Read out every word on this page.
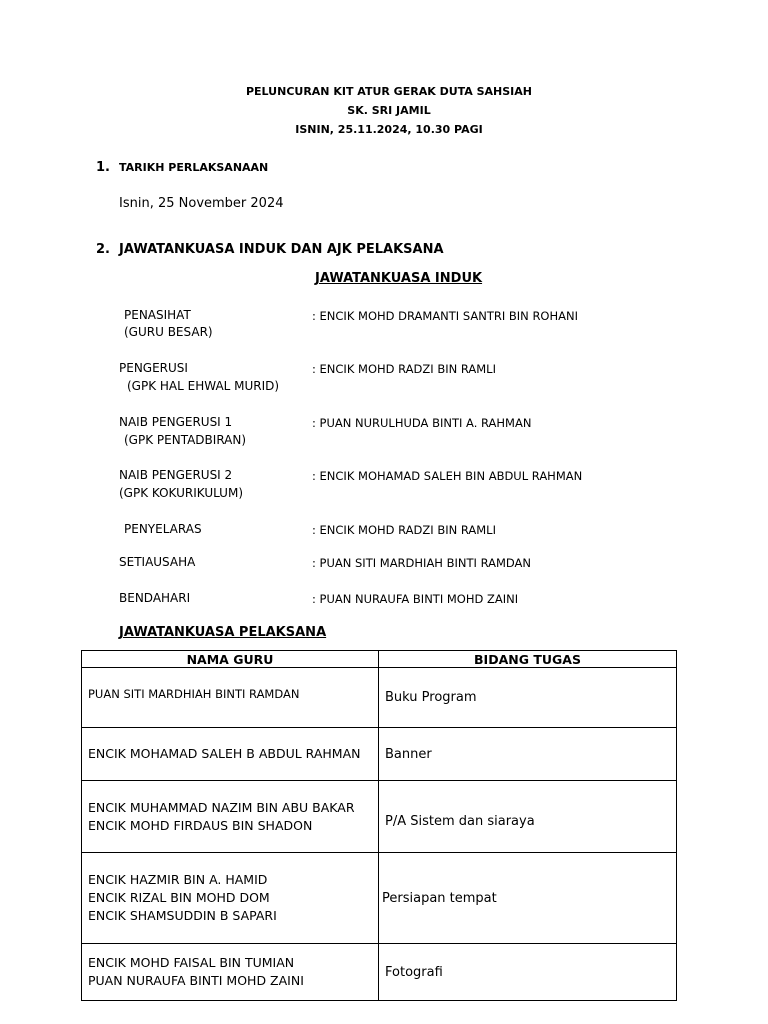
PELUNCURAN KIT ATUR GERAK DUTA SAHSIAH
SK. SRI JAMIL
ISNIN, 25.11.2024, 10.30 PAGI
1. TARIKH PERLAKSANAAN
Isnin, 25 November 2024
2. JAWATANKUASA INDUK DAN AJK PELAKSANA
JAWATANKUASA INDUK
PENASIHAT
(GURU BESAR)
: ENCIK MOHD DRAMANTI SANTRI BIN ROHANI
PENGERUSI
(GPK HAL EHWAL MURID)
: ENCIK MOHD RADZI BIN RAMLI
NAIB PENGERUSI 1
(GPK PENTADBIRAN)
: PUAN NURULHUDA BINTI A. RAHMAN
NAIB PENGERUSI 2
(GPK KOKURIKULUM)
: ENCIK MOHAMAD SALEH BIN ABDUL RAHMAN
PENYELARAS	: ENCIK MOHD RADZI BIN RAMLI
SETIAUSAHA	: PUAN SITI MARDHIAH BINTI RAMDAN
BENDAHARI	: PUAN NURAUFA BINTI MOHD ZAINI
JAWATANKUASA PELAKSANA
NAMA GURU	BIDANG TUGAS

PUAN SITI MARDHIAH BINTI RAMDAN	Buku Program

ENCIK MOHAMAD SALEH B ABDUL RAHMAN	Banner

ENCIK MUHAMMAD NAZIM BIN ABU BAKAR
ENCIK MOHD FIRDAUS BIN SHADON	P/A Sistem dan siaraya

ENCIK HAZMIR BIN A. HAMID
ENCIK RIZAL BIN MOHD DOM
ENCIK SHAMSUDDIN B SAPARI	Persiapan tempat

ENCIK MOHD FAISAL BIN TUMIAN
PUAN NURAUFA BINTI MOHD ZAINI	Fotografi
